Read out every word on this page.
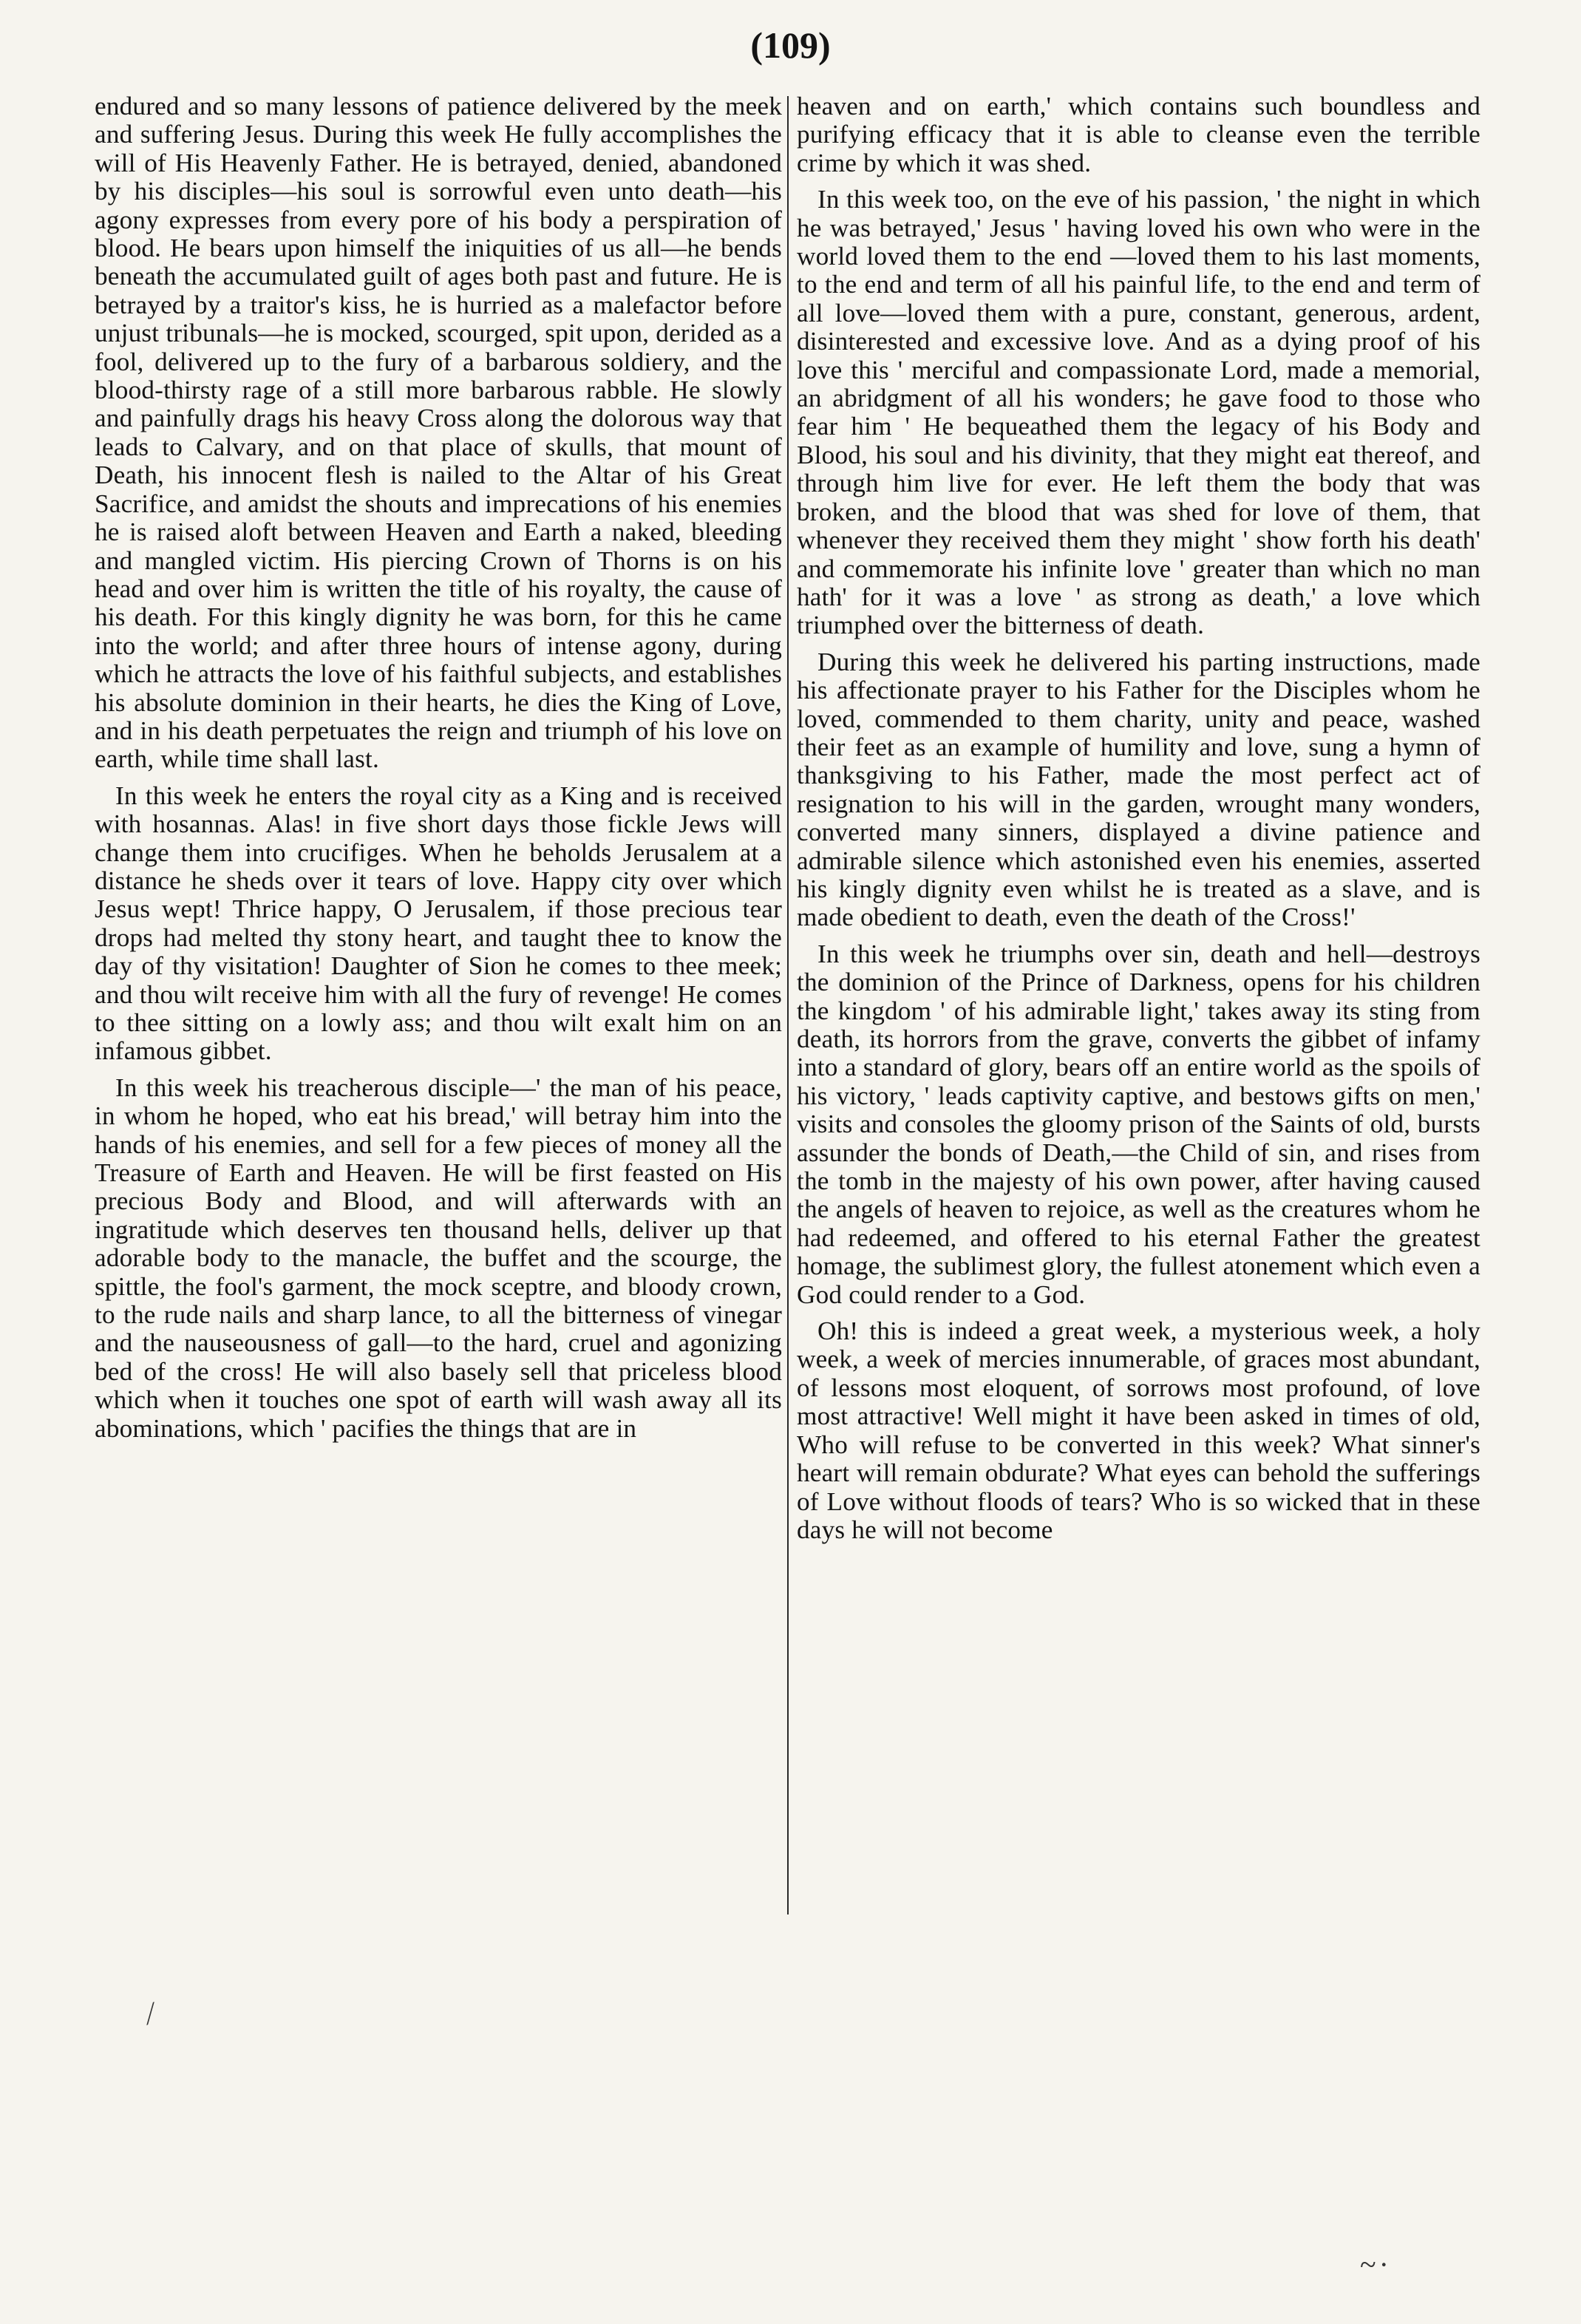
(109)

endured and so many lessons of patience delivered by the meek and suffering Jesus. During this week He fully accomplishes the will of His Heavenly Father. He is betrayed, denied, abandoned by his disciples—his soul is sorrowful even unto death—his agony expresses from every pore of his body a perspiration of blood. He bears upon himself the iniquities of us all—he bends beneath the accumulated guilt of ages both past and future. He is betrayed by a traitor's kiss, he is hurried as a malefactor before unjust tribunals—he is mocked, scourged, spit upon, derided as a fool, delivered up to the fury of a barbarous soldiery, and the blood-thirsty rage of a still more barbarous rabble. He slowly and painfully drags his heavy Cross along the dolorous way that leads to Calvary, and on that place of skulls, that mount of Death, his innocent flesh is nailed to the Altar of his Great Sacrifice, and amidst the shouts and imprecations of his enemies he is raised aloft between Heaven and Earth a naked, bleeding and mangled victim. His piercing Crown of Thorns is on his head and over him is written the title of his royalty, the cause of his death. For this kingly dignity he was born, for this he came into the world; and after three hours of intense agony, during which he attracts the love of his faithful subjects, and establishes his absolute dominion in their hearts, he dies the King of Love, and in his death perpetuates the reign and triumph of his love on earth, while time shall last.

In this week he enters the royal city as a King and is received with hosannas. Alas! in five short days those fickle Jews will change them into crucifiges. When he beholds Jerusalem at a distance he sheds over it tears of love. Happy city over which Jesus wept! Thrice happy, O Jerusalem, if those precious tear drops had melted thy stony heart, and taught thee to know the day of thy visitation! Daughter of Sion he comes to thee meek; and thou wilt receive him with all the fury of revenge! He comes to thee sitting on a lowly ass; and thou wilt exalt him on an infamous gibbet.

In this week his treacherous disciple—' the man of his peace, in whom he hoped, who eat his bread,' will betray him into the hands of his enemies, and sell for a few pieces of money all the Treasure of Earth and Heaven. He will be first feasted on His precious Body and Blood, and will afterwards with an ingratitude which deserves ten thousand hells, deliver up that adorable body to the manacle, the buffet and the scourge, the spittle, the fool's garment, the mock sceptre, and bloody crown, to the rude nails and sharp lance, to all the bitterness of vinegar and the nauseousness of gall—to the hard, cruel and agonizing bed of the cross! He will also basely sell that priceless blood which when it touches one spot of earth will wash away all its abominations, which ' pacifies the things that are in

heaven and on earth,' which contains such boundless and purifying efficacy that it is able to cleanse even the terrible crime by which it was shed.

In this week too, on the eve of his passion, ' the night in which he was betrayed,' Jesus ' having loved his own who were in the world loved them to the end —loved them to his last moments, to the end and term of all his painful life, to the end and term of all love—loved them with a pure, constant, generous, ardent, disinterested and excessive love. And as a dying proof of his love this ' merciful and compassionate Lord, made a memorial, an abridgment of all his wonders; he gave food to those who fear him ' He bequeathed them the legacy of his Body and Blood, his soul and his divinity, that they might eat thereof, and through him live for ever. He left them the body that was broken, and the blood that was shed for love of them, that whenever they received them they might ' show forth his death' and commemorate his infinite love ' greater than which no man hath' for it was a love ' as strong as death,' a love which triumphed over the bitterness of death.

During this week he delivered his parting instructions, made his affectionate prayer to his Father for the Disciples whom he loved, commended to them charity, unity and peace, washed their feet as an example of humility and love, sung a hymn of thanksgiving to his Father, made the most perfect act of resignation to his will in the garden, wrought many wonders, converted many sinners, displayed a divine patience and admirable silence which astonished even his enemies, asserted his kingly dignity even whilst he is treated as a slave, and is made obedient to death, even the death of the Cross!'

In this week he triumphs over sin, death and hell—destroys the dominion of the Prince of Darkness, opens for his children the kingdom ' of his admirable light,' takes away its sting from death, its horrors from the grave, converts the gibbet of infamy into a standard of glory, bears off an entire world as the spoils of his victory, ' leads captivity captive, and bestows gifts on men,' visits and consoles the gloomy prison of the Saints of old, bursts assunder the bonds of Death,—the Child of sin, and rises from the tomb in the majesty of his own power, after having caused the angels of heaven to rejoice, as well as the creatures whom he had redeemed, and offered to his eternal Father the greatest homage, the sublimest glory, the fullest atonement which even a God could render to a God.

Oh! this is indeed a great week, a mysterious week, a holy week, a week of mercies innumerable, of graces most abundant, of lessons most eloquent, of sorrows most profound, of love most attractive! Well might it have been asked in times of old, Who will refuse to be converted in this week? What sinner's heart will remain obdurate? What eyes can behold the sufferings of Love without floods of tears? Who is so wicked that in these days he will not become

⁄
~·
